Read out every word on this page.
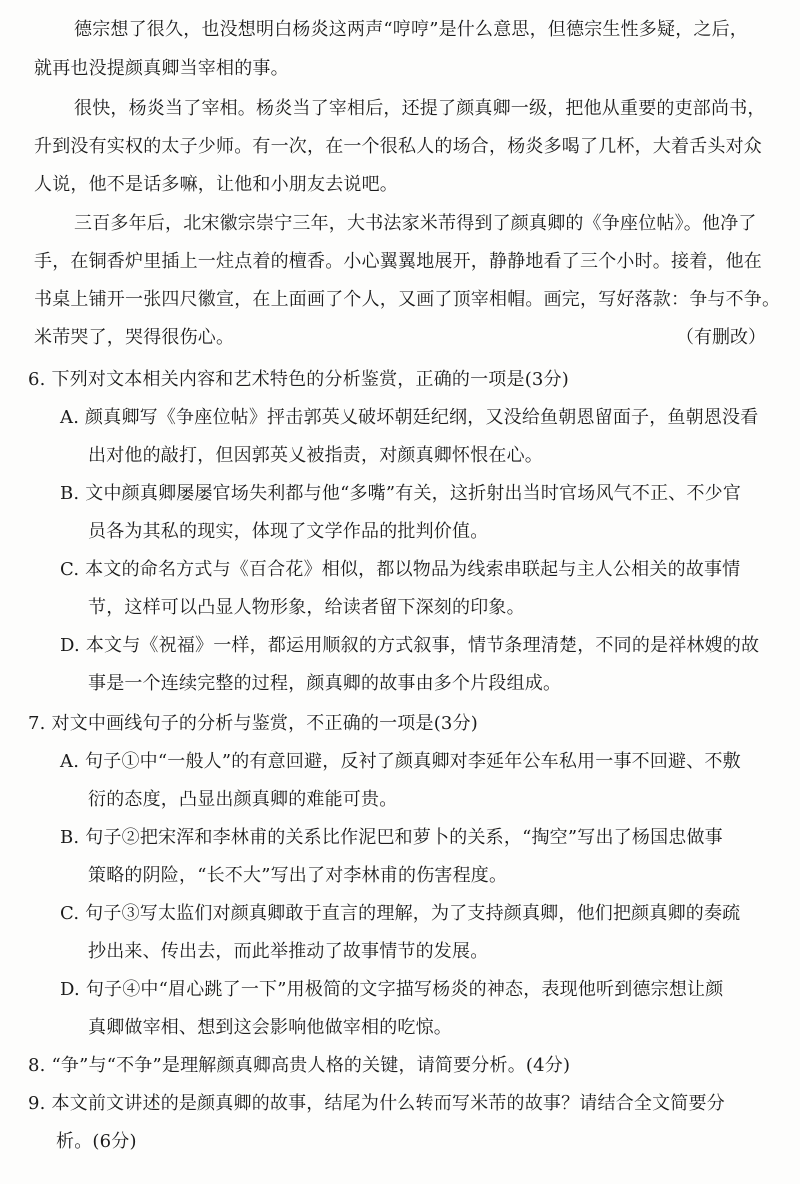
德宗想了很久，也没想明白杨炎这两声“哼哼”是什么意思，但德宗生性多疑，之后，
就再也没提颜真卿当宰相的事。
很快，杨炎当了宰相。杨炎当了宰相后，还提了颜真卿一级，把他从重要的吏部尚书，
升到没有实权的太子少师。有一次，在一个很私人的场合，杨炎多喝了几杯，大着舌头对众
人说，他不是话多嘛，让他和小朋友去说吧。
三百多年后，北宋徽宗崇宁三年，大书法家米芾得到了颜真卿的《争座位帖》。他净了
手，在铜香炉里插上一炷点着的檀香。小心翼翼地展开，静静地看了三个小时。接着，他在
书桌上铺开一张四尺徽宣，在上面画了个人，又画了顶宰相帽。画完，写好落款：争与不争。
米芾哭了，哭得很伤心。	（有删改）
6. 下列对文本相关内容和艺术特色的分析鉴赏，正确的一项是(3分)
A. 颜真卿写《争座位帖》抨击郭英乂破坏朝廷纪纲，又没给鱼朝恩留面子，鱼朝恩没看
出对他的敲打，但因郭英乂被指责，对颜真卿怀恨在心。
B. 文中颜真卿屡屡官场失利都与他“多嘴”有关，这折射出当时官场风气不正、不少官
员各为其私的现实，体现了文学作品的批判价值。
C. 本文的命名方式与《百合花》相似，都以物品为线索串联起与主人公相关的故事情
节，这样可以凸显人物形象，给读者留下深刻的印象。
D. 本文与《祝福》一样，都运用顺叙的方式叙事，情节条理清楚，不同的是祥林嫂的故
事是一个连续完整的过程，颜真卿的故事由多个片段组成。
7. 对文中画线句子的分析与鉴赏，不正确的一项是(3分)
A. 句子①中“一般人”的有意回避，反衬了颜真卿对李延年公车私用一事不回避、不敷
衍的态度，凸显出颜真卿的难能可贵。
B. 句子②把宋浑和李林甫的关系比作泥巴和萝卜的关系，“掏空”写出了杨国忠做事
策略的阴险，“长不大”写出了对李林甫的伤害程度。
C. 句子③写太监们对颜真卿敢于直言的理解，为了支持颜真卿，他们把颜真卿的奏疏
抄出来、传出去，而此举推动了故事情节的发展。
D. 句子④中“眉心跳了一下”用极简的文字描写杨炎的神态，表现他听到德宗想让颜
真卿做宰相、想到这会影响他做宰相的吃惊。
8. “争”与“不争”是理解颜真卿高贵人格的关键，请简要分析。(4分)
9. 本文前文讲述的是颜真卿的故事，结尾为什么转而写米芾的故事？请结合全文简要分
析。(6分)
